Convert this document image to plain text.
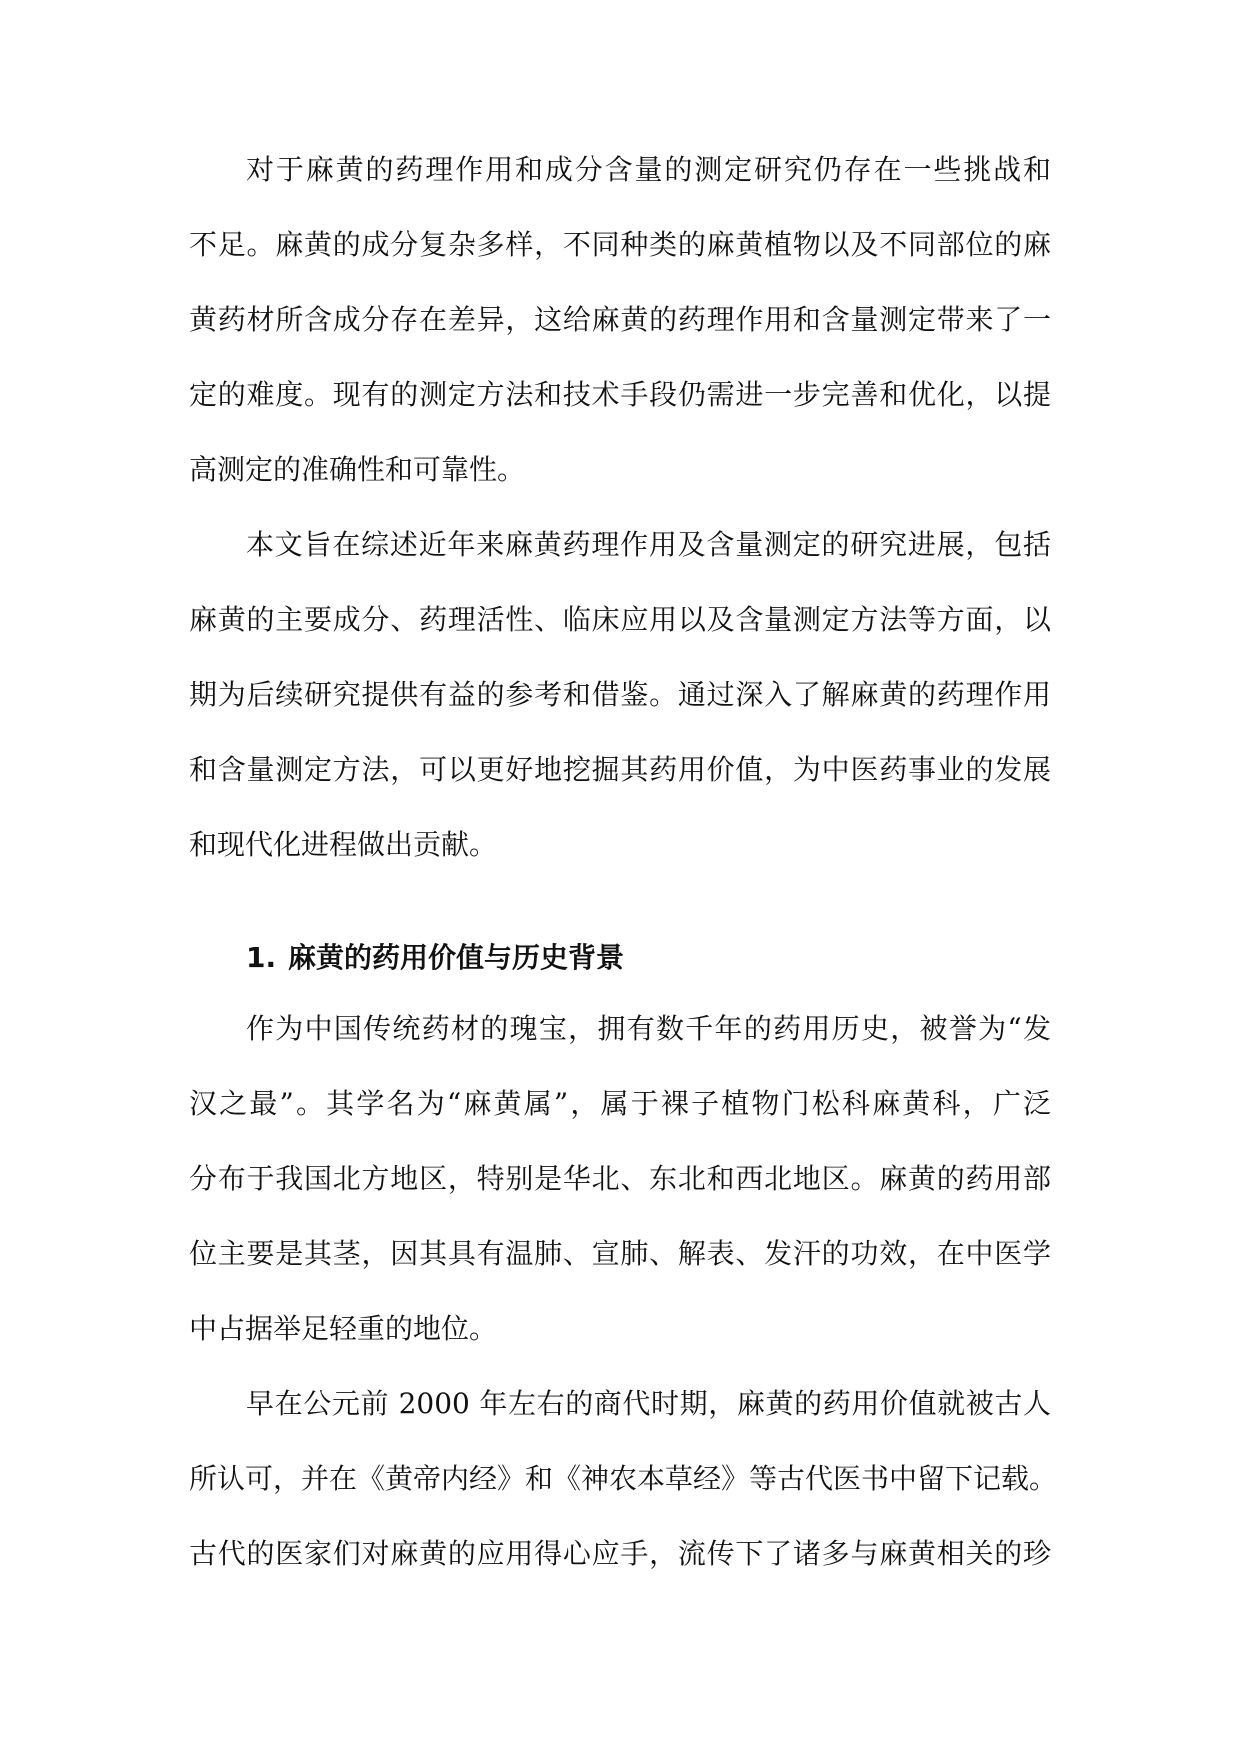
对于麻黄的药理作用和成分含量的测定研究仍存在一些挑战和
不足。麻黄的成分复杂多样，不同种类的麻黄植物以及不同部位的麻
黄药材所含成分存在差异，这给麻黄的药理作用和含量测定带来了一
定的难度。现有的测定方法和技术手段仍需进一步完善和优化，以提
高测定的准确性和可靠性。
本文旨在综述近年来麻黄药理作用及含量测定的研究进展，包括
麻黄的主要成分、药理活性、临床应用以及含量测定方法等方面，以
期为后续研究提供有益的参考和借鉴。通过深入了解麻黄的药理作用
和含量测定方法，可以更好地挖掘其药用价值，为中医药事业的发展
和现代化进程做出贡献。
作为中国传统药材的瑰宝，拥有数千年的药用历史，被誉为“发
汉之最”。其学名为“麻黄属”，属于裸子植物门松科麻黄科，广泛
分布于我国北方地区，特别是华北、东北和西北地区。麻黄的药用部
位主要是其茎，因其具有温肺、宣肺、解表、发汗的功效，在中医学
中占据举足轻重的地位。
早在公元前 2000 年左右的商代时期，麻黄的药用价值就被古人
所认可，并在《黄帝内经》和《神农本草经》等古代医书中留下记载。
古代的医家们对麻黄的应用得心应手，流传下了诸多与麻黄相关的珍
1. 麻黄的药用价值与历史背景
